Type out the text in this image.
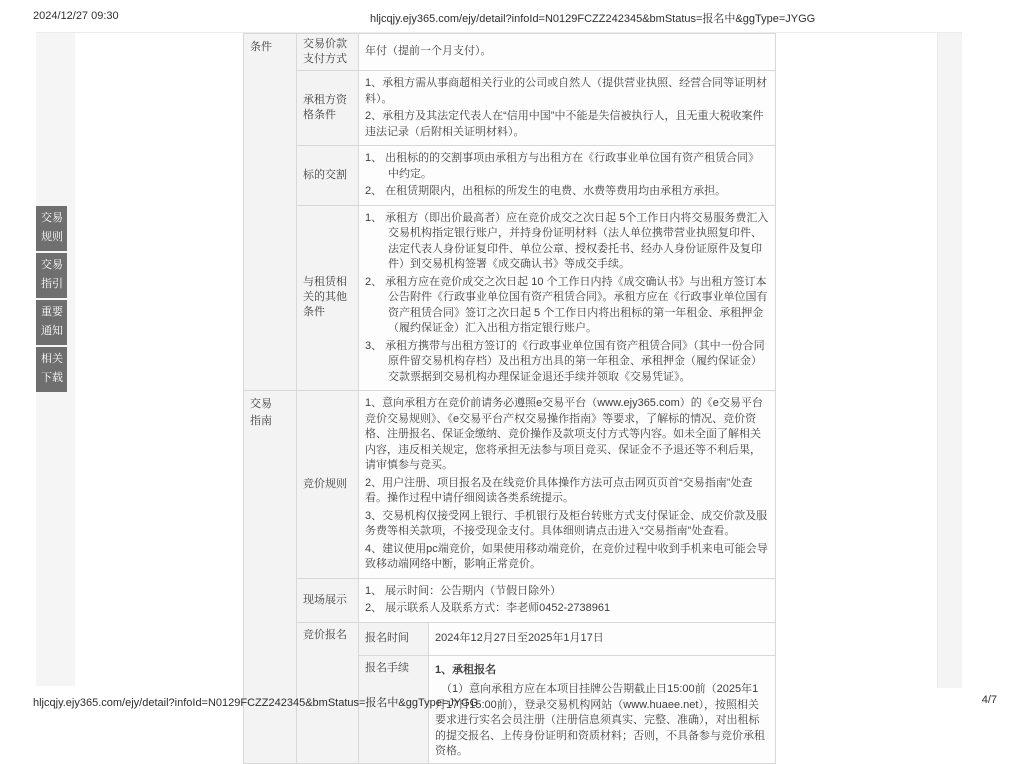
2024/12/27 09:30	hljcqjy.ejy365.com/ejy/detail?infoId=N0129FCZZ242345&bmStatus=报名中&ggType=JYGG
交易
规则
交易
指引
重要
通知
相关
下载
条件	交易价款支付方式	年付（提前一个月支付）。	

	承租方资格条件	1、承租方需从事商超相关行业的公司或自然人（提供营业执照、经营合同等证明材料）。
2、承租方及其法定代表人在“信用中国”中不能是失信被执行人，且无重大税收案件违法记录（后附相关证明材料）。	

	标的交割	1、 出租标的的交割事项由承租方与出租方在《行政事业单位国有资产租赁合同》中约定。
2、 在租赁期限内，出租标的所发生的电费、水费等费用均由承租方承担。	

	与租赁相关的其他条件	1、 承租方（即出价最高者）应在竞价成交之次日起 5个工作日内将交易服务费汇入交易机构指定银行账户，并持身份证明材料（法人单位携带营业执照复印件、法定代表人身份证复印件、单位公章、授权委托书、经办人身份证原件及复印件）到交易机构签署《成交确认书》等成交手续。
2、 承租方应在竞价成交之次日起 10 个工作日内持《成交确认书》与出租方签订本公告附件《行政事业单位国有资产租赁合同》。承租方应在《行政事业单位国有资产租赁合同》签订之次日起 5 个工作日内将出租标的第一年租金、承租押金（履约保证金）汇入出租方指定银行账户。
3、 承租方携带与出租方签订的《行政事业单位国有资产租赁合同》（其中一份合同原件留交易机构存档）及出租方出具的第一年租金、承租押金（履约保证金）交款票据到交易机构办理保证金退还手续并领取《交易凭证》。	

交易
指南
	竞价规则	
1、意向承租方在竞价前请务必遵照e交易平台（www.ejy365.com）的《e交易平台竞价交易规则》、《e交易平台产权交易操作指南》等要求，了解标的情况、竞价资格、注册报名、保证金缴纳、竞价操作及款项支付方式等内容。如未全面了解相关内容，违反相关规定，您将承担无法参与项目竞买、保证金不予退还等不利后果，请审慎参与竞买。
2、用户注册、项目报名及在线竞价具体操作方法可点击网页页首“交易指南”处查看。操作过程中请仔细阅读各类系统提示。
3、交易机构仅接受网上银行、手机银行及柜台转账方式支付保证金、成交价款及服务费等相关款项，不接受现金支付。具体细则请点击进入“交易指南”处查看。
4、建议使用pc端竞价，如果使用移动端竞价，在竞价过程中收到手机来电可能会导致移动端网络中断，影响正常竞价。

	现场展示	1、 展示时间：公告期内（节假日除外）
2、 展示联系人及联系方式：李老师0452-2738961	

	竞价报名	报名时间	2024年12月27日至2025年1月17日

		报名手续	1、承租报名
（1）意向承租方应在本项目挂牌公告期截止日15:00前（2025年1月17日15:00前），登录交易机构网站（www.huaee.net），按照相关要求进行实名会员注册（注册信息须真实、完整、准确），对出租标的提交报名、上传身份证明和资质材料；否则，不具备参与竞价承租资格。
hljcqjy.ejy365.com/ejy/detail?infoId=N0129FCZZ242345&bmStatus=报名中&ggType=JYGG	4/7
